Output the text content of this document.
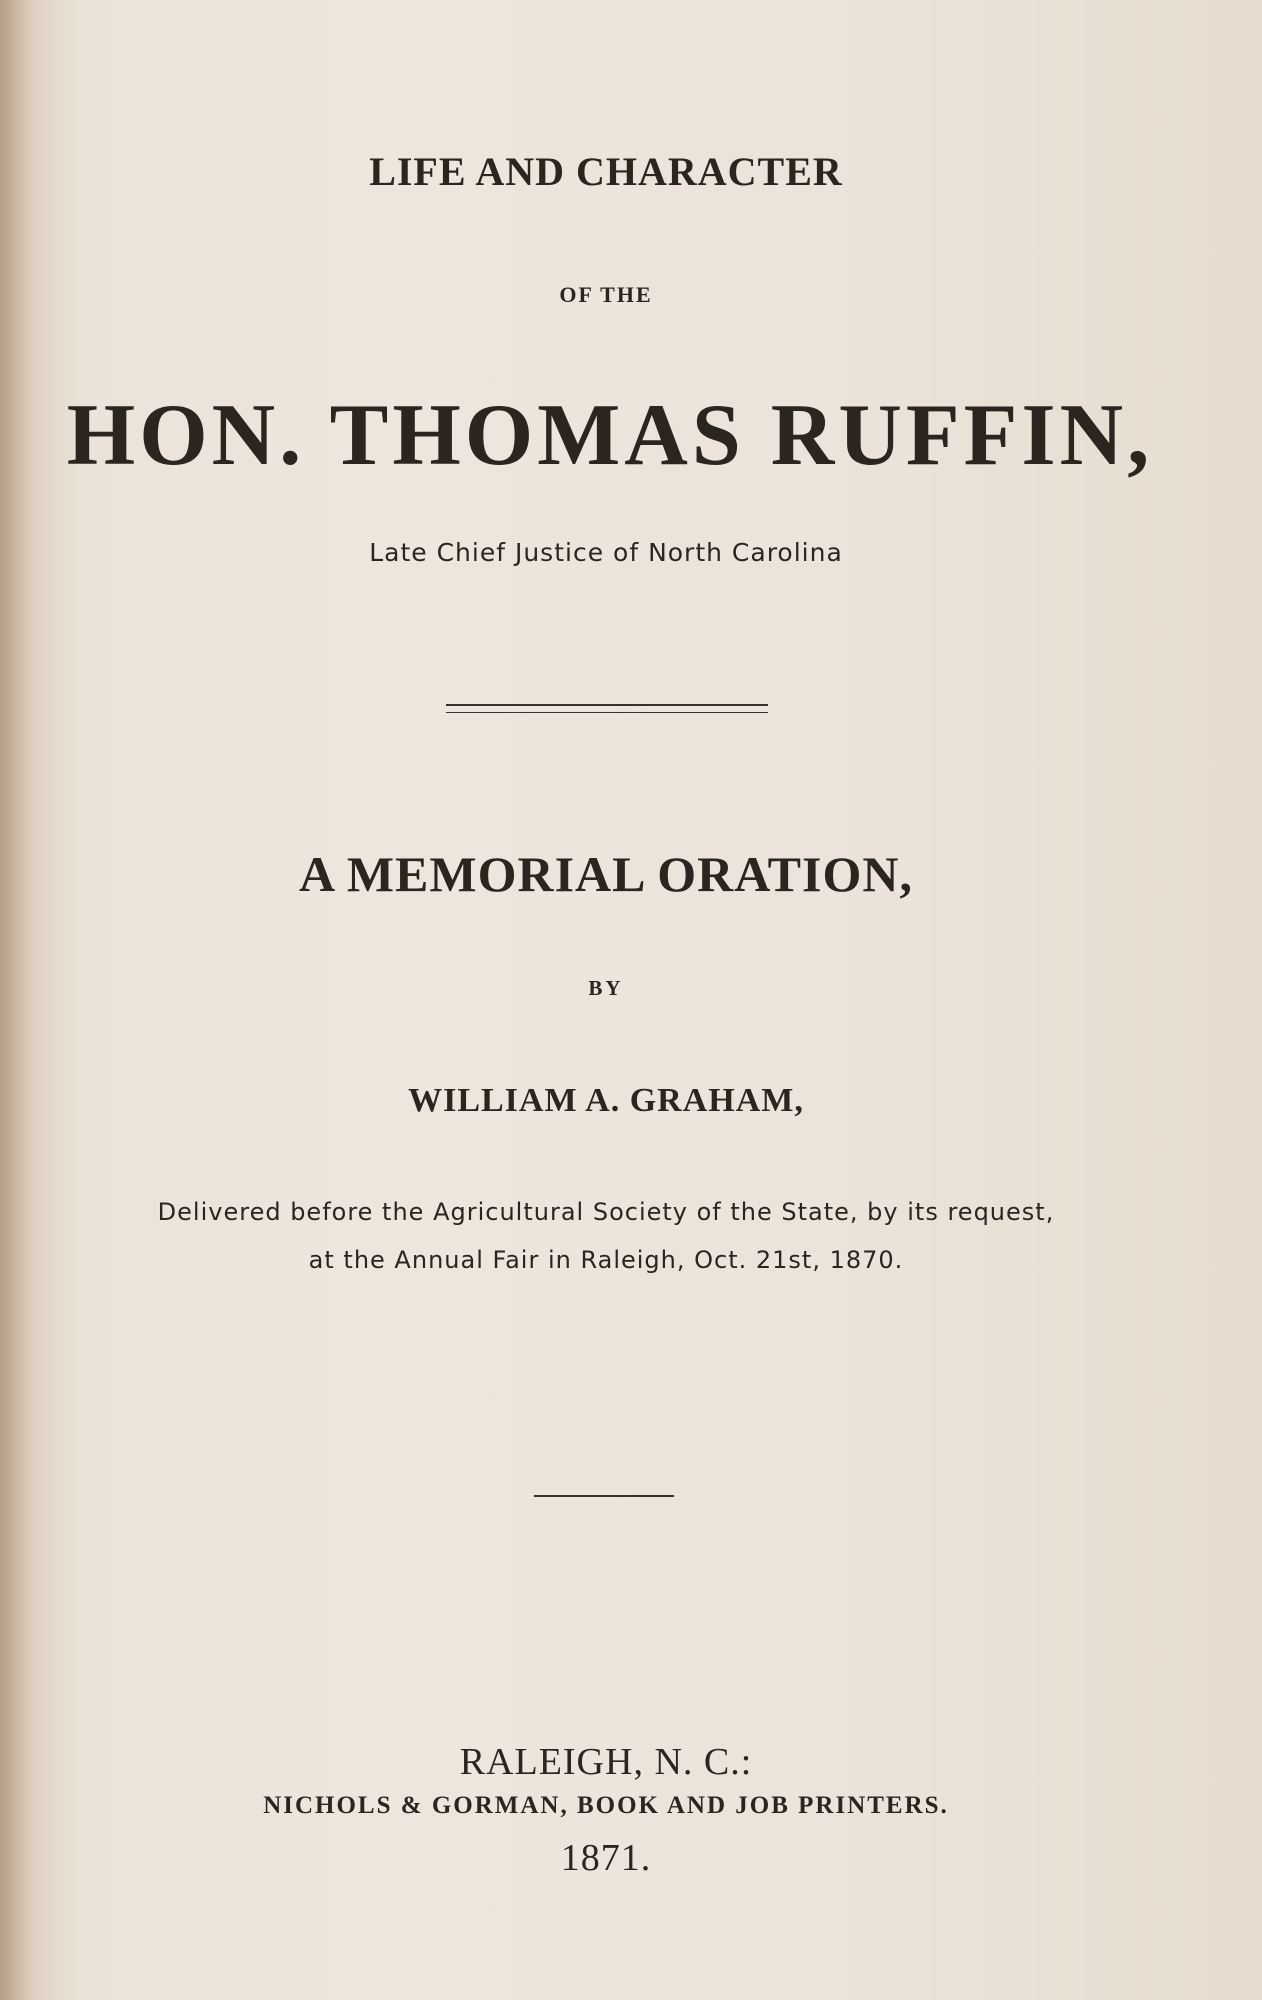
LIFE AND CHARACTER
OF THE
HON. THOMAS RUFFIN,
Late Chief Justice of North Carolina
A MEMORIAL ORATION,
BY
WILLIAM A. GRAHAM,
Delivered before the Agricultural Society of the State, by its request,
at the Annual Fair in Raleigh, Oct. 21st, 1870.
RALEIGH, N. C.:
NICHOLS & GORMAN, BOOK AND JOB PRINTERS.
1871.
